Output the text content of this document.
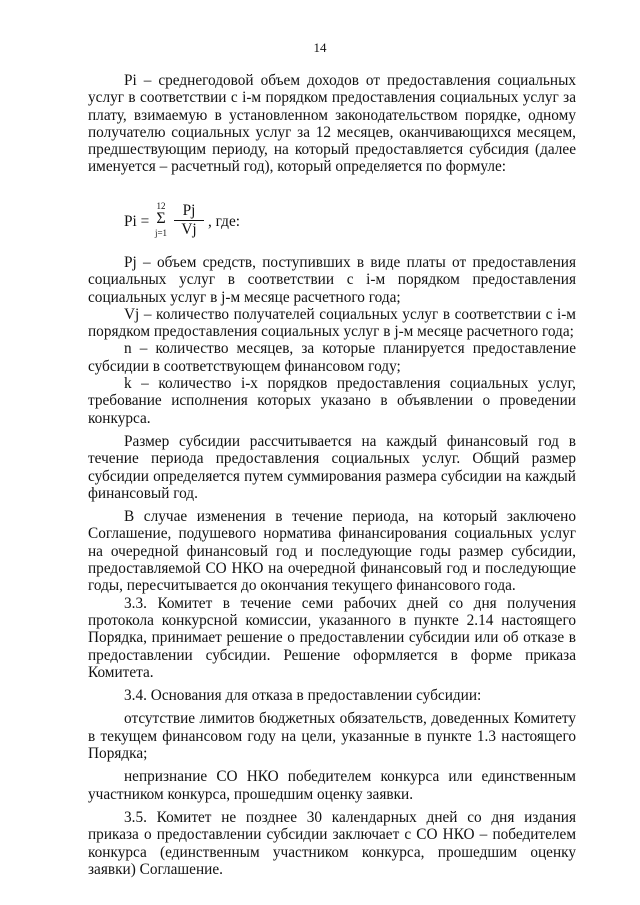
14

Pi – среднегодовой объем доходов от предоставления социальных услуг в соответствии с i-м порядком предоставления социальных услуг за плату, взимаемую в установленном законодательством порядке, одному получателю социальных услуг за 12 месяцев, оканчивающихся месяцем, предшествующим периоду, на который предоставляется субсидия (далее именуется – расчетный год), который определяется по формуле:

Pi =
12
Σ
$j=1 \frac{Pj}{Vj}$ , где:

Pj – объем средств, поступивших в виде платы от предоставления социальных услуг в соответствии с i-м порядком предоставления социальных услуг в j-м месяце расчетного года;

Vj – количество получателей социальных услуг в соответствии с i-м порядком предоставления социальных услуг в j-м месяце расчетного года;

n – количество месяцев, за которые планируется предоставление субсидии в соответствующем финансовом году;

k – количество i-х порядков предоставления социальных услуг, требование исполнения которых указано в объявлении о проведении конкурса.

Размер субсидии рассчитывается на каждый финансовый год в течение периода предоставления социальных услуг. Общий размер субсидии определяется путем суммирования размера субсидии на каждый финансовый год.

В случае изменения в течение периода, на который заключено Соглашение, подушевого норматива финансирования социальных услуг на очередной финансовый год и последующие годы размер субсидии, предоставляемой СО НКО на очередной финансовый год и последующие годы, пересчитывается до окончания текущего финансового года.

3.3. Комитет в течение семи рабочих дней со дня получения протокола конкурсной комиссии, указанного в пункте 2.14 настоящего Порядка, принимает решение о предоставлении субсидии или об отказе в предоставлении субсидии. Решение оформляется в форме приказа Комитета.

3.4. Основания для отказа в предоставлении субсидии:

отсутствие лимитов бюджетных обязательств, доведенных Комитету в текущем финансовом году на цели, указанные в пункте 1.3 настоящего Порядка;

непризнание СО НКО победителем конкурса или единственным участником конкурса, прошедшим оценку заявки.

3.5. Комитет не позднее 30 календарных дней со дня издания приказа о предоставлении субсидии заключает с СО НКО – победителем конкурса (единственным участником конкурса, прошедшим оценку заявки) Соглашение.
